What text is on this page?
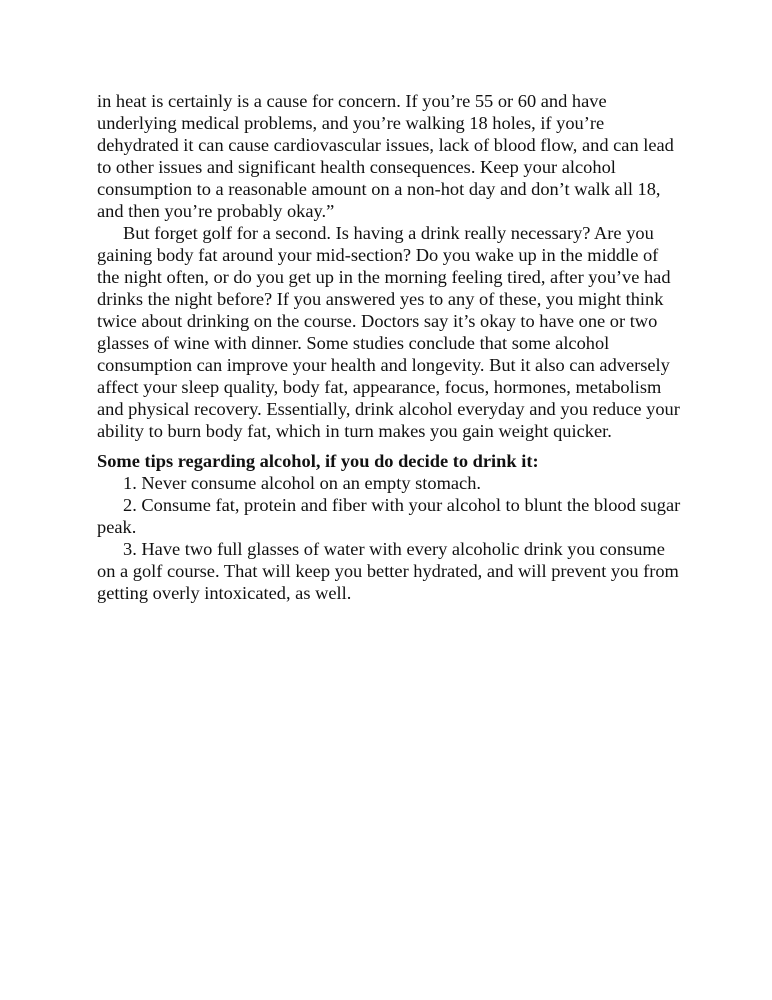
in heat is certainly is a cause for concern. If you’re 55 or 60 and have underlying medical problems, and you’re walking 18 holes, if you’re dehydrated it can cause cardiovascular issues, lack of blood flow, and can lead to other issues and significant health consequences. Keep your alcohol consumption to a reasonable amount on a non-hot day and don’t walk all 18, and then you’re probably okay.”

But forget golf for a second. Is having a drink really necessary? Are you gaining body fat around your mid-section? Do you wake up in the middle of the night often, or do you get up in the morning feeling tired, after you’ve had drinks the night before? If you answered yes to any of these, you might think twice about drinking on the course. Doctors say it’s okay to have one or two glasses of wine with dinner. Some studies conclude that some alcohol consumption can improve your health and longevity. But it also can adversely affect your sleep quality, body fat, appearance, focus, hormones, metabolism and physical recovery. Essentially, drink alcohol everyday and you reduce your ability to burn body fat, which in turn makes you gain weight quicker.

Some tips regarding alcohol, if you do decide to drink it:

1. Never consume alcohol on an empty stomach.

2. Consume fat, protein and fiber with your alcohol to blunt the blood sugar peak.

3. Have two full glasses of water with every alcoholic drink you consume on a golf course. That will keep you better hydrated, and will prevent you from getting overly intoxicated, as well.
